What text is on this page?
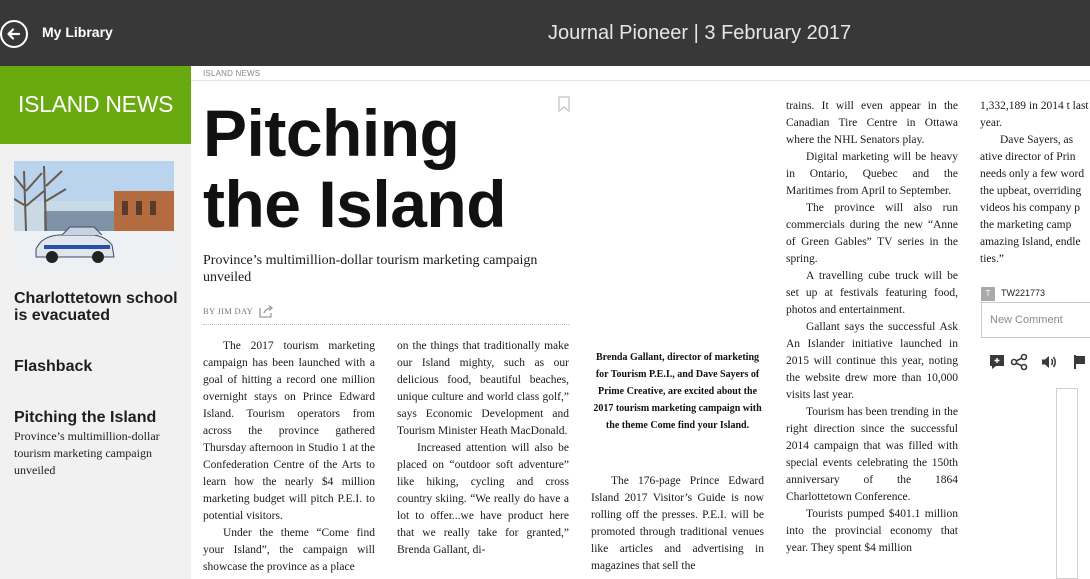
My Library	Journal Pioneer | 3 February 2017
ISLAND NEWS
Charlottetown school is evacuated
Flashback
Pitching the Island
Province’s multimillion-dollar tourism marketing campaign unveiled
ISLAND NEWS
Pitching
the Island
Province’s multimillion-dollar tourism marketing campaign unveiled
BY JIM DAY

The 2017 tourism marketing campaign has been launched with a goal of hitting a record one million overnight stays on Prince Edward Island. Tourism operators from across the province gathered Thursday afternoon in Studio 1 at the Confederation Centre of the Arts to learn how the nearly $4 million marketing budget will pitch P.E.I. to potential visitors.

Under the theme “Come find your Island”, the campaign will showcase the province as a place

on the things that traditionally make our Island mighty, such as our delicious food, beautiful beaches, unique culture and world class golf,” says Economic Development and Tourism Minister Heath MacDonald.

Increased attention will also be placed on “outdoor soft adventure” like hiking, cycling and cross country skiing. “We really do have a lot to offer...we have product here that we really take for granted,” Brenda Gallant, di-

Brenda Gallant, director of marketing for Tourism P.E.I., and Dave Sayers of Prime Creative, are excited about the 2017 tourism marketing campaign with the theme Come find your Island.

The 176-page Prince Edward Island 2017 Visitor’s Guide is now rolling off the presses. P.E.I. will be promoted through traditional venues like articles and advertising in magazines that sell the

trains. It will even appear in the Canadian Tire Centre in Ottawa where the NHL Senators play.

Digital marketing will be heavy in Ontario, Quebec and the Maritimes from April to September.

The province will also run commercials during the new “Anne of Green Gables” TV series in the spring.

A travelling cube truck will be set up at festivals featuring food, photos and entertainment.

Gallant says the successful Ask An Islander initiative launched in 2015 will continue this year, noting the website drew more than 10,000 visits last year.

Tourism has been trending in the right direction since the successful 2014 campaign that was filled with special events celebrating the 150th anniversary of the 1864 Charlottetown Conference.

Tourists pumped $401.1 million into the provincial economy that year. They spent $4 million

1,332,189 in 2014 t last year.

Dave Sayers, as ative director of Prin needs only a few word the upbeat, overriding videos his company p the marketing camp amazing Island, endle ties.”

T	TW221773
New Comment
